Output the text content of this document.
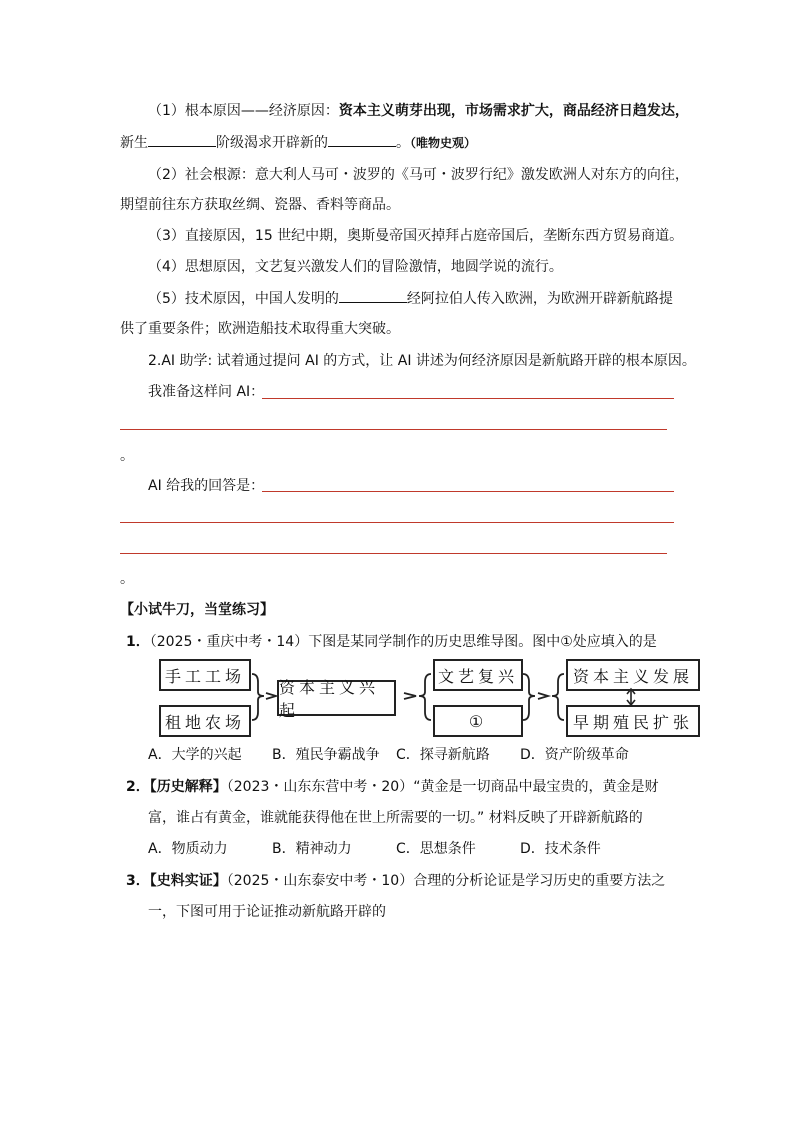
（1）根本原因——经济原因：资本主义萌芽出现，市场需求扩大，商品经济日趋发达，
新生	阶级渴求开辟新的	。（唯物史观）
（2）社会根源：意大利人马可・波罗的《马可・波罗行纪》激发欧洲人对东方的向往，
期望前往东方获取丝绸、瓷器、香料等商品。
（3）直接原因，15 世纪中期，奥斯曼帝国灭掉拜占庭帝国后，垄断东西方贸易商道。
（4）思想原因，文艺复兴激发人们的冒险激情，地圆学说的流行。
（5）技术原因，中国人发明的	经阿拉伯人传入欧洲，为欧洲开辟新航路提
供了重要条件；欧洲造船技术取得重大突破。
2.AI 助学: 试着通过提问 AI 的方式，让 AI 讲述为何经济原因是新航路开辟的根本原因。
我准备这样问 AI：
。
AI 给我的回答是：
。
【小试牛刀，当堂练习】
1．（2025・重庆中考・14）下图是某同学制作的历史思维导图。图中①处应填入的是
手工工场
租地农场
资本主义兴起
文艺复兴
①
资本主义发展
早期殖民扩张
A．大学的兴起 B．殖民争霸战争 C．探寻新航路 D．资产阶级革命
2．【历史解释】（2023・山东东营中考・20）“黄金是一切商品中最宝贵的，黄金是财
富，谁占有黄金，谁就能获得他在世上所需要的一切。” 材料反映了开辟新航路的
A．物质动力	B．精神动力	C．思想条件	D．技术条件
3．【史料实证】（2025・山东泰安中考・10）合理的分析论证是学习历史的重要方法之
一，下图可用于论证推动新航路开辟的
